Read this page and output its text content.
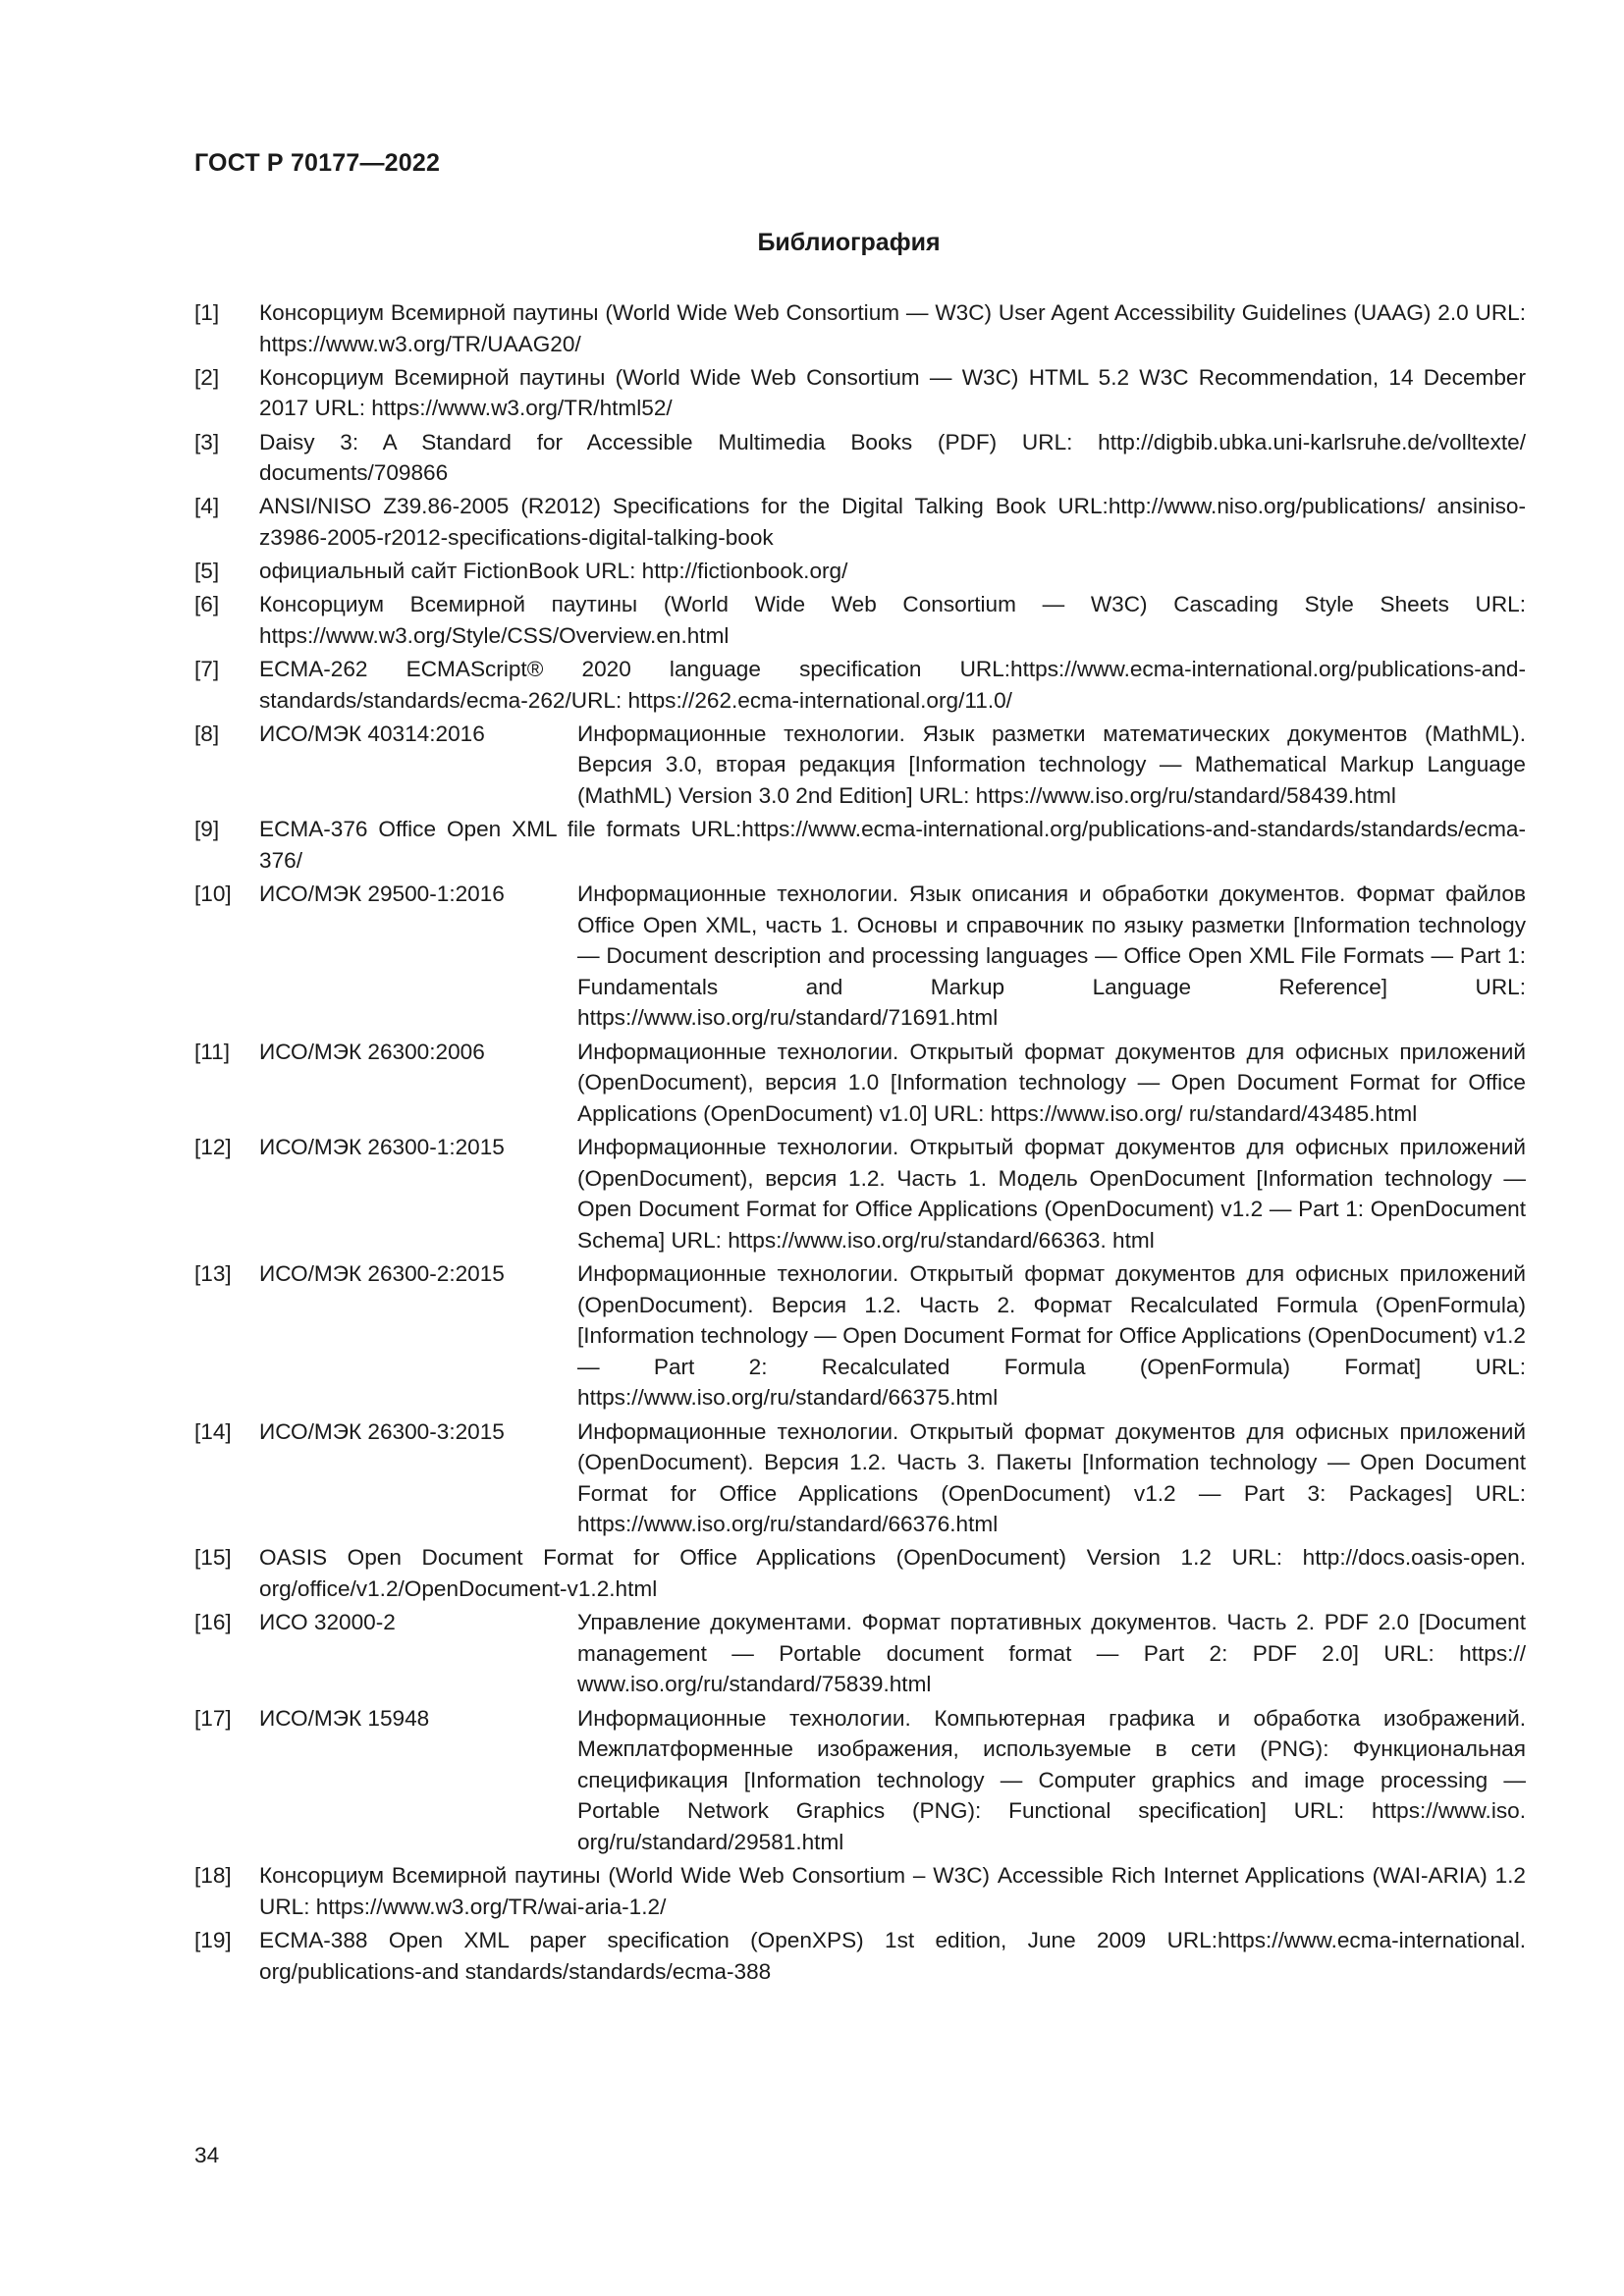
ГОСТ Р 70177—2022
Библиография
[1]	Консорциум Всемирной паутины (World Wide Web Consortium — W3C) User Agent Accessibility Guidelines (UAAG) 2.0 URL: https://www.w3.org/TR/UAAG20/
[2]	Консорциум Всемирной паутины (World Wide Web Consortium — W3C) HTML 5.2 W3C Recommendation, 14 December 2017 URL: https://www.w3.org/TR/html52/
[3]	Daisy 3: A Standard for Accessible Multimedia Books (PDF) URL: http://digbib.ubka.uni-karlsruhe.de/volltexte/ documents/709866
[4]	ANSI/NISO Z39.86-2005 (R2012) Specifications for the Digital Talking Book URL:http://www.niso.org/publications/ ansiniso-z3986-2005-r2012-specifications-digital-talking-book
[5]	официальный сайт FictionBook URL: http://fictionbook.org/
[6]	Консорциум Всемирной паутины (World Wide Web Consortium — W3C) Cascading Style Sheets URL: https://www.w3.org/Style/CSS/Overview.en.html
[7]	ECMA-262 ECMAScript® 2020 language specification URL:https://www.ecma-international.org/publications-and-standards/standards/ecma-262/URL: https://262.ecma-international.org/11.0/
[8]	ИСО/МЭК 40314:2016	Информационные технологии. Язык разметки математических документов (MathML). Версия 3.0, вторая редакция [Information technology — Mathematical Markup Language (MathML) Version 3.0 2nd Edition] URL: https://www.iso.org/ru/standard/58439.html
[9]	ECMA-376 Office Open XML file formats URL:https://www.ecma-international.org/publications-and-standards/standards/ecma-376/
[10]	ИСО/МЭК 29500-1:2016	Информационные технологии. Язык описания и обработки документов. Формат файлов Office Open XML, часть 1. Основы и справочник по языку разметки [Information technology — Document description and processing languages — Office Open XML File Formats — Part 1: Fundamentals and Markup Language Reference] URL: https://www.iso.org/ru/standard/71691.html
[11]	ИСО/МЭК 26300:2006	Информационные технологии. Открытый формат документов для офисных приложений (OpenDocument), версия 1.0 [Information technology — Open Document Format for Office Applications (OpenDocument) v1.0] URL: https://www.iso.org/ ru/standard/43485.html
[12]	ИСО/МЭК 26300-1:2015	Информационные технологии. Открытый формат документов для офисных приложений (OpenDocument), версия 1.2. Часть 1. Модель OpenDocument [Information technology — Open Document Format for Office Applications (OpenDocument) v1.2 — Part 1: OpenDocument Schema] URL: https://www.iso.org/ru/standard/66363. html
[13]	ИСО/МЭК 26300-2:2015	Информационные технологии. Открытый формат документов для офисных приложений (OpenDocument). Версия 1.2. Часть 2. Формат Recalculated Formula (OpenFormula) [Information technology — Open Document Format for Office Applications (OpenDocument) v1.2 — Part 2: Recalculated Formula (OpenFormula) Format] URL: https://www.iso.org/ru/standard/66375.html
[14]	ИСО/МЭК 26300-3:2015	Информационные технологии. Открытый формат документов для офисных приложений (OpenDocument). Версия 1.2. Часть 3. Пакеты [Information technology — Open Document Format for Office Applications (OpenDocument) v1.2 — Part 3: Packages] URL: https://www.iso.org/ru/standard/66376.html
[15]	OASIS Open Document Format for Office Applications (OpenDocument) Version 1.2 URL: http://docs.oasis-open. org/office/v1.2/OpenDocument-v1.2.html
[16]	ИСО 32000-2	Управление документами. Формат портативных документов. Часть 2. PDF 2.0 [Document management — Portable document format — Part 2: PDF 2.0] URL: https:// www.iso.org/ru/standard/75839.html
[17]	ИСО/МЭК 15948	Информационные технологии. Компьютерная графика и обработка изображений. Межплатформенные изображения, используемые в сети (PNG): Функциональная спецификация [Information technology — Computer graphics and image processing — Portable Network Graphics (PNG): Functional specification] URL: https://www.iso. org/ru/standard/29581.html
[18]	Консорциум Всемирной паутины (World Wide Web Consortium – W3C) Accessible Rich Internet Applications (WAI-ARIA) 1.2 URL: https://www.w3.org/TR/wai-aria-1.2/
[19]	ECMA-388 Open XML paper specification (OpenXPS) 1st edition, June 2009 URL:https://www.ecma-international. org/publications-and standards/standards/ecma-388
34
